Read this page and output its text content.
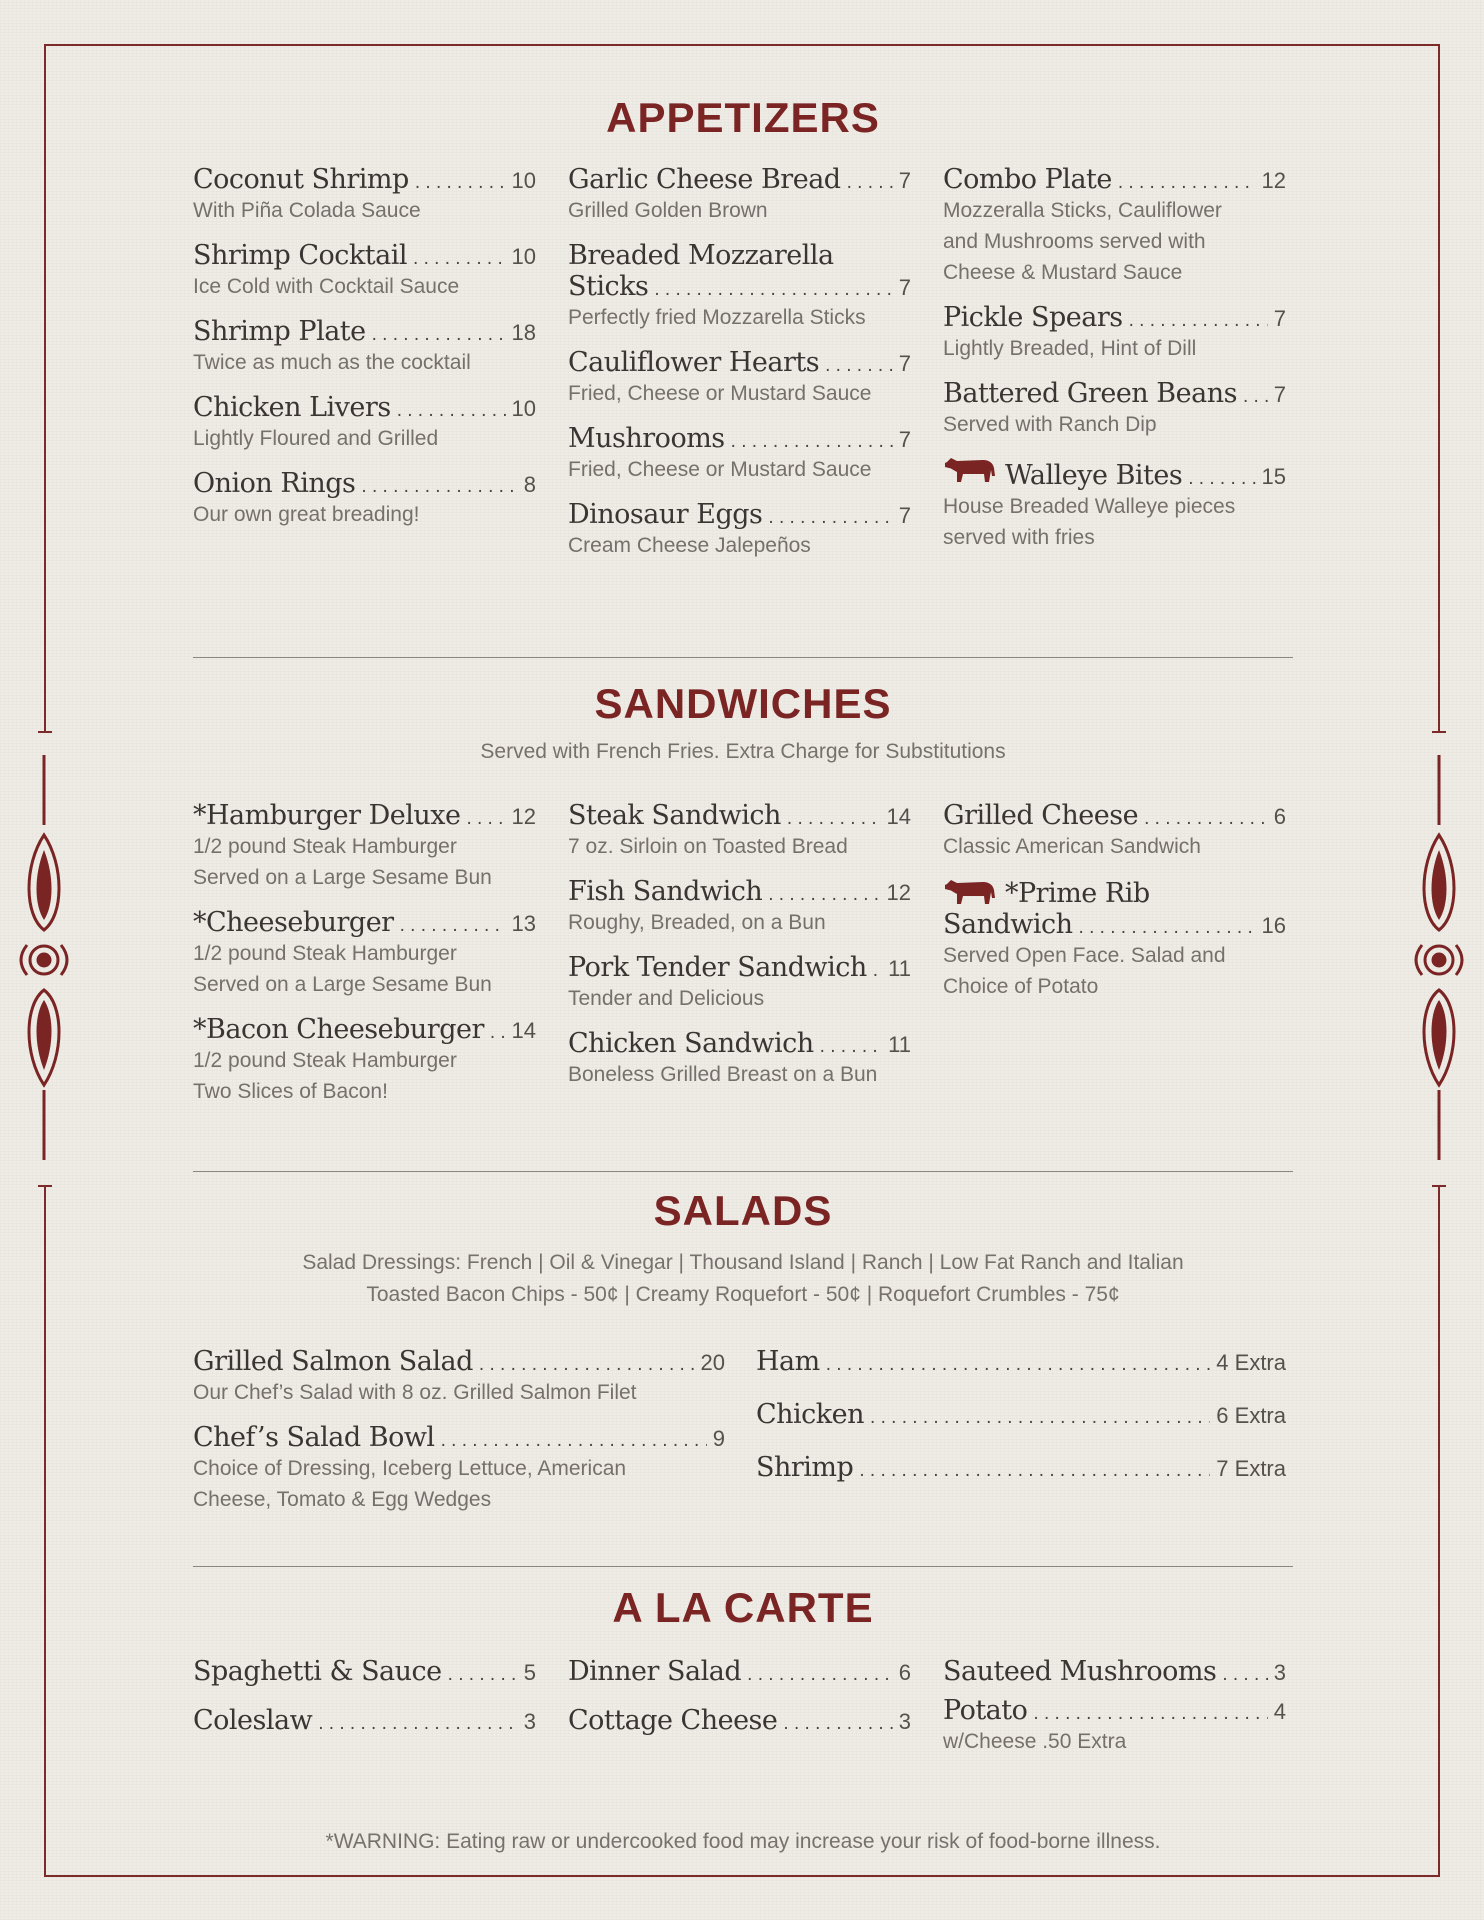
APPETIZERS
Coconut Shrimp . . .	10
With Piña Colada Sauce
Shrimp Cocktail . . .	10
Ice Cold with Cocktail Sauce
Shrimp Plate . . .	18
Twice as much as the cocktail
Chicken Livers . . .	10
Lightly Floured and Grilled
Onion Rings . . .	8
Our own great breading!
Garlic Cheese Bread . . .	7
Grilled Golden Brown
Breaded Mozzarella
Sticks . . .	7
Perfectly fried Mozzarella Sticks
Cauliflower Hearts . . .	7
Fried, Cheese or Mustard Sauce
Mushrooms . . .	7
Fried, Cheese or Mustard Sauce
Dinosaur Eggs . . .	7
Cream Cheese Jalepeños
Combo Plate . . .	12
Mozzeralla Sticks, Cauliflower
and Mushrooms served with
Cheese & Mustard Sauce
Pickle Spears . . .	7
Lightly Breaded, Hint of Dill
Battered Green Beans . . . 7
Served with Ranch Dip
Walleye Bites . . .	15
House Breaded Walleye pieces
served with fries
SANDWICHES
Served with French Fries. Extra Charge for Substitutions
*Hamburger Deluxe . . . 12
1/2 pound Steak Hamburger
Served on a Large Sesame Bun
*Cheeseburger . . .	13
1/2 pound Steak Hamburger
Served on a Large Sesame Bun
*Bacon Cheeseburger . . . 14
1/2 pound Steak Hamburger
Two Slices of Bacon!
Steak Sandwich . . .	14
7 oz. Sirloin on Toasted Bread
Fish Sandwich . . .	12
Roughy, Breaded, on a Bun
Pork Tender Sandwich . . . 11
Tender and Delicious
Chicken Sandwich . . .	11
Boneless Grilled Breast on a Bun
Grilled Cheese . . .	6
Classic American Sandwich
*Prime Rib
Sandwich . . .	16
Served Open Face. Salad and
Choice of Potato
SALADS
Salad Dressings: French | Oil & Vinegar | Thousand Island | Ranch | Low Fat Ranch and Italian
Toasted Bacon Chips - 50¢ | Creamy Roquefort - 50¢ | Roquefort Crumbles - 75¢
Grilled Salmon Salad . . .	20
Our Chef’s Salad with 8 oz. Grilled Salmon Filet
Chef’s Salad Bowl . . .	9
Choice of Dressing, Iceberg Lettuce, American
Cheese, Tomato & Egg Wedges
Ham . . .	4 Extra
Chicken . . .	6 Extra
Shrimp . . .	7 Extra
A LA CARTE
Spaghetti & Sauce . . .	5
Coleslaw . . .	3
Dinner Salad . . .	6
Cottage Cheese . . .	3
Sauteed Mushrooms . . .	3
Potato . . .	4
w/Cheese .50 Extra
*WARNING: Eating raw or undercooked food may increase your risk of food-borne illness.
